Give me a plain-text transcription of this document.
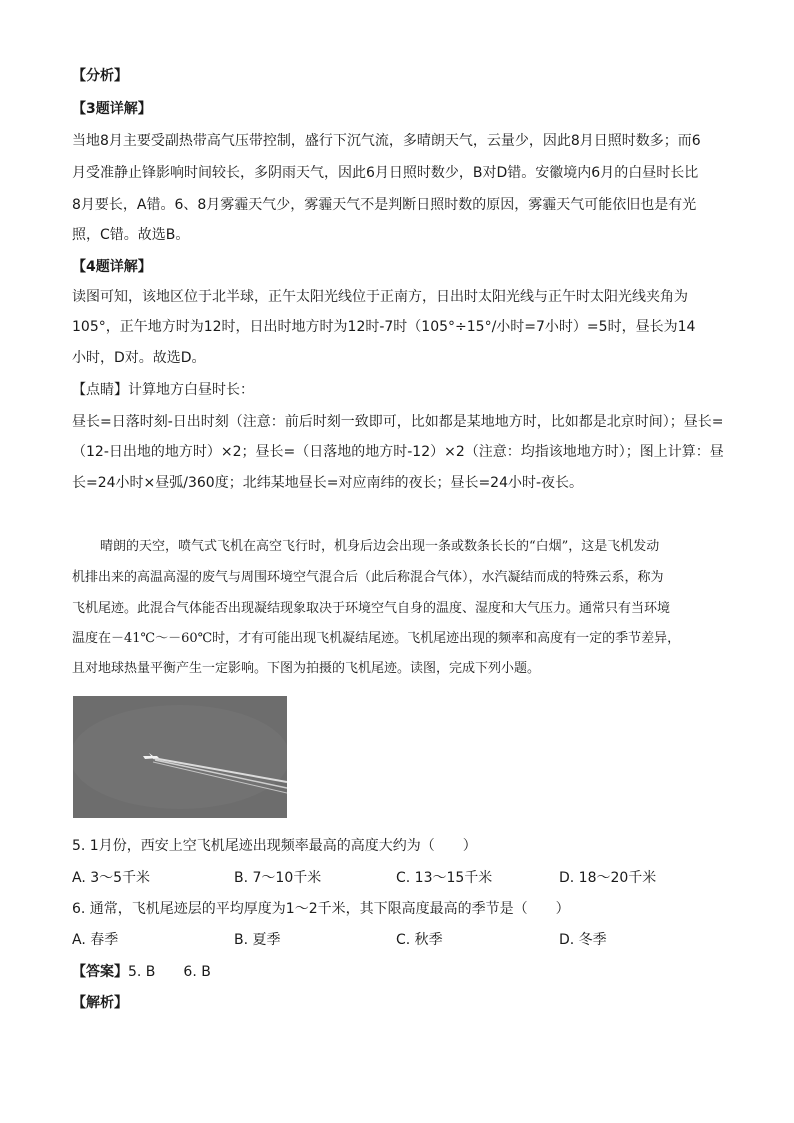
【分析】
【3题详解】
当地8月主要受副热带高气压带控制，盛行下沉气流，多晴朗天气，云量少，因此8月日照时数多；而6
月受准静止锋影响时间较长，多阴雨天气，因此6月日照时数少，B对D错。安徽境内6月的白昼时长比
8月要长，A错。6、8月雾霾天气少，雾霾天气不是判断日照时数的原因，雾霾天气可能依旧也是有光
照，C错。故选B。
【4题详解】
读图可知，该地区位于北半球，正午太阳光线位于正南方，日出时太阳光线与正午时太阳光线夹角为
105°，正午地方时为12时，日出时地方时为12时-7时（105°÷15°/小时=7小时）=5时，昼长为14
小时，D对。故选D。
【点睛】计算地方白昼时长：
昼长=日落时刻-日出时刻（注意：前后时刻一致即可，比如都是某地地方时，比如都是北京时间）；昼长=
（12-日出地的地方时）×2；昼长=（日落地的地方时-12）×2（注意：均指该地地方时）；图上计算：昼
长=24小时×昼弧/360度；北纬某地昼长=对应南纬的夜长；昼长=24小时-夜长。
晴朗的天空，喷气式飞机在高空飞行时，机身后边会出现一条或数条长长的“白烟”，这是飞机发动
机排出来的高温高湿的废气与周围环境空气混合后（此后称混合气体），水汽凝结而成的特殊云系，称为
飞机尾迹。此混合气体能否出现凝结现象取决于环境空气自身的温度、湿度和大气压力。通常只有当环境
温度在－41℃～－60℃时，才有可能出现飞机凝结尾迹。飞机尾迹出现的频率和高度有一定的季节差异，
且对地球热量平衡产生一定影响。下图为拍摄的飞机尾迹。读图，完成下列小题。
5. 1月份，西安上空飞机尾迹出现频率最高的高度大约为（　　）
A. 3～5千米	B. 7～10千米	C. 13～15千米	D. 18～20千米
6. 通常，飞机尾迹层的平均厚度为1～2千米，其下限高度最高的季节是（　　）
A. 春季	B. 夏季	C. 秋季	D. 冬季
【答案】5. B　　6. B
【解析】
